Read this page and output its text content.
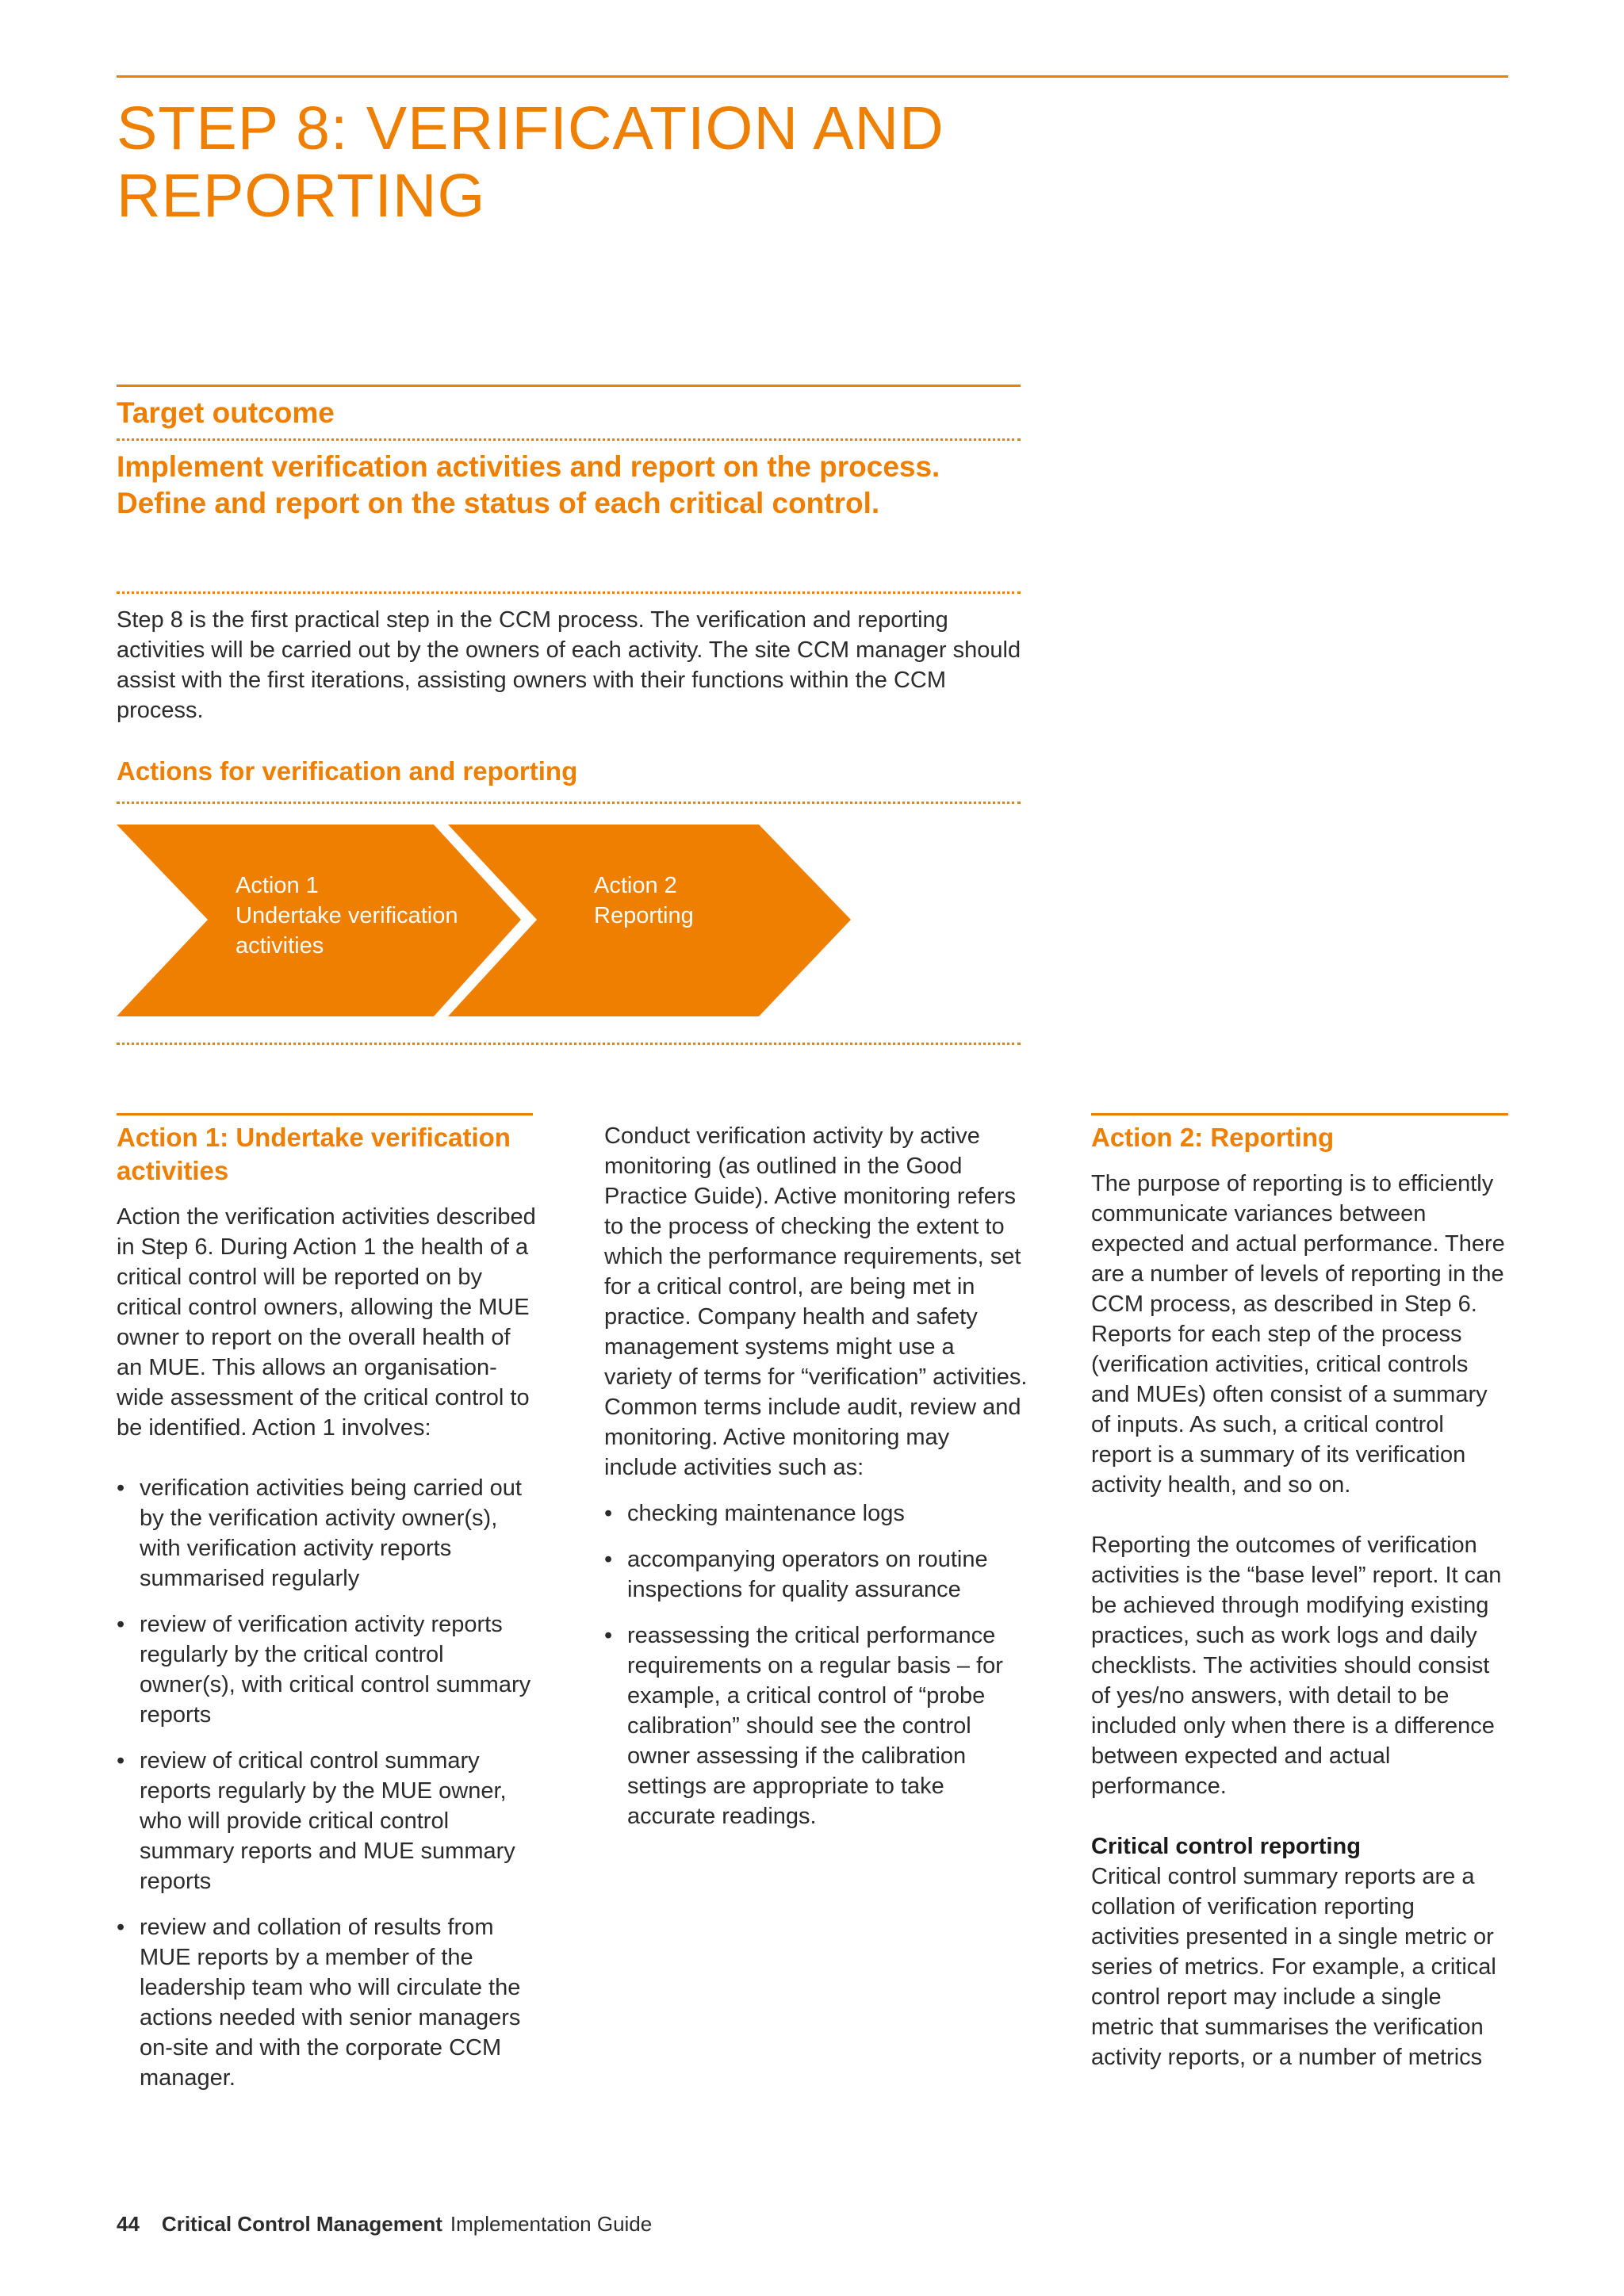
STEP 8: VERIFICATION AND
REPORTING
Target outcome
Implement verification activities and report on the process.
Define and report on the status of each critical control.
Step 8 is the first practical step in the CCM process. The verification and reporting activities will be carried out by the owners of each activity. The site CCM manager should assist with the first iterations, assisting owners with their functions within the CCM process.
Actions for verification and reporting
Action 1
Undertake verification
activities
Action 2
Reporting
Action 1: Undertake verification
activities

Action the verification activities described in Step 6. During Action 1 the health of a critical control will be reported on by critical control owners, allowing the MUE owner to report on the overall health of an MUE. This allows an organisation-wide assessment of the critical control to be identified. Action 1 involves:

• verification activities being carried out by the verification activity owner(s), with verification activity reports summarised regularly
• review of verification activity reports regularly by the critical control owner(s), with critical control summary reports
• review of critical control summary reports regularly by the MUE owner, who will provide critical control summary reports and MUE summary reports
• review and collation of results from MUE reports by a member of the leadership team who will circulate the actions needed with senior managers on-site and with the corporate CCM manager.

Conduct verification activity by active monitoring (as outlined in the Good Practice Guide). Active monitoring refers to the process of checking the extent to which the performance requirements, set for a critical control, are being met in practice. Company health and safety management systems might use a variety of terms for “verification” activities. Common terms include audit, review and monitoring. Active monitoring may include activities such as:

• checking maintenance logs
• accompanying operators on routine inspections for quality assurance
• reassessing the critical performance requirements on a regular basis – for example, a critical control of “probe calibration” should see the control owner assessing if the calibration settings are appropriate to take accurate readings.
Action 2: Reporting

The purpose of reporting is to efficiently communicate variances between expected and actual performance. There are a number of levels of reporting in the CCM process, as described in Step 6. Reports for each step of the process (verification activities, critical controls and MUEs) often consist of a summary of inputs. As such, a critical control report is a summary of its verification activity health, and so on.

Reporting the outcomes of verification activities is the “base level” report. It can be achieved through modifying existing practices, such as work logs and daily checklists. The activities should consist of yes/no answers, with detail to be included only when there is a difference between expected and actual performance.

Critical control reporting

Critical control summary reports are a collation of verification reporting activities presented in a single metric or series of metrics. For example, a critical control report may include a single metric that summarises the verification activity reports, or a number of metrics

44 Critical Control Management Implementation Guide
